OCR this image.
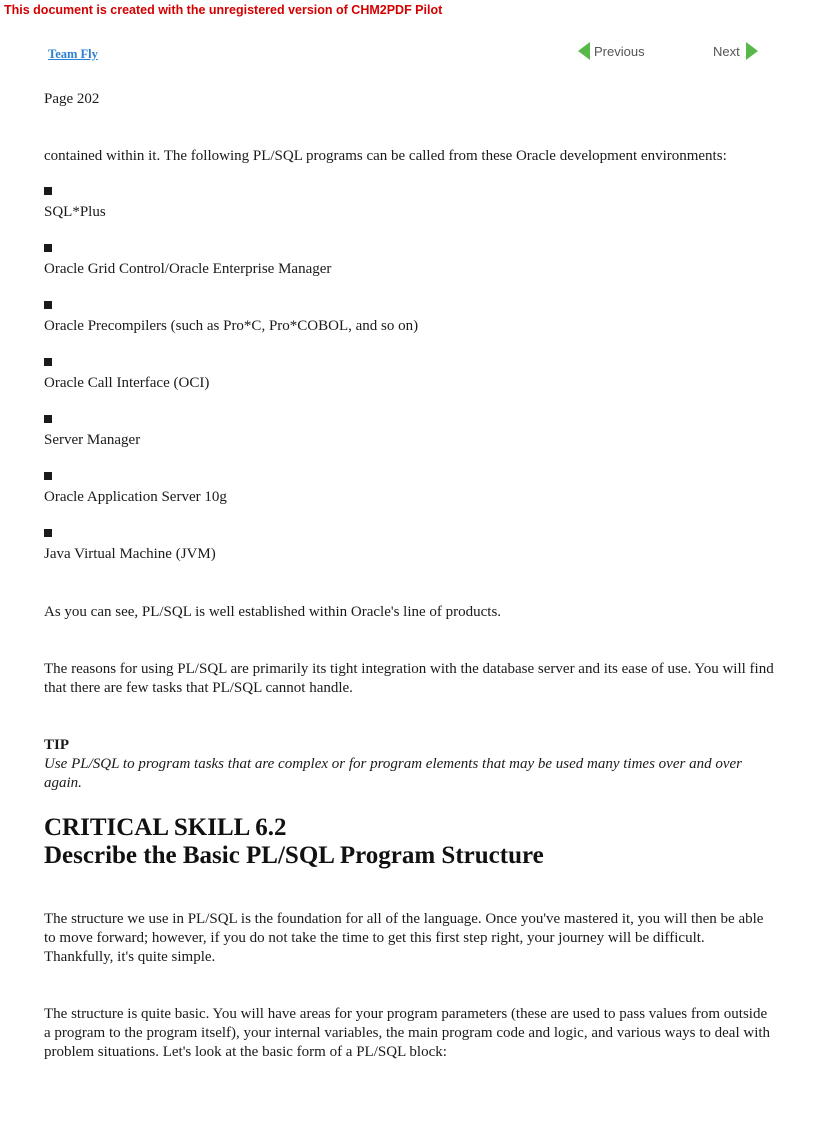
This document is created with the unregistered version of CHM2PDF Pilot
Team Fly	Previous	Next
Page 202
contained within it. The following PL/SQL programs can be called from these Oracle development environments:
SQL*Plus
Oracle Grid Control/Oracle Enterprise Manager
Oracle Precompilers (such as Pro*C, Pro*COBOL, and so on)
Oracle Call Interface (OCI)
Server Manager
Oracle Application Server 10g
Java Virtual Machine (JVM)
As you can see, PL/SQL is well established within Oracle's line of products.
The reasons for using PL/SQL are primarily its tight integration with the database server and its ease of use. You will find that there are few tasks that PL/SQL cannot handle.
TIP
Use PL/SQL to program tasks that are complex or for program elements that may be used many times over and over again.
CRITICAL SKILL 6.2
Describe the Basic PL/SQL Program Structure
The structure we use in PL/SQL is the foundation for all of the language. Once you've mastered it, you will then be able to move forward; however, if you do not take the time to get this first step right, your journey will be difficult. Thankfully, it's quite simple.
The structure is quite basic. You will have areas for your program parameters (these are used to pass values from outside a program to the program itself), your internal variables, the main program code and logic, and various ways to deal with problem situations. Let's look at the basic form of a PL/SQL block:
